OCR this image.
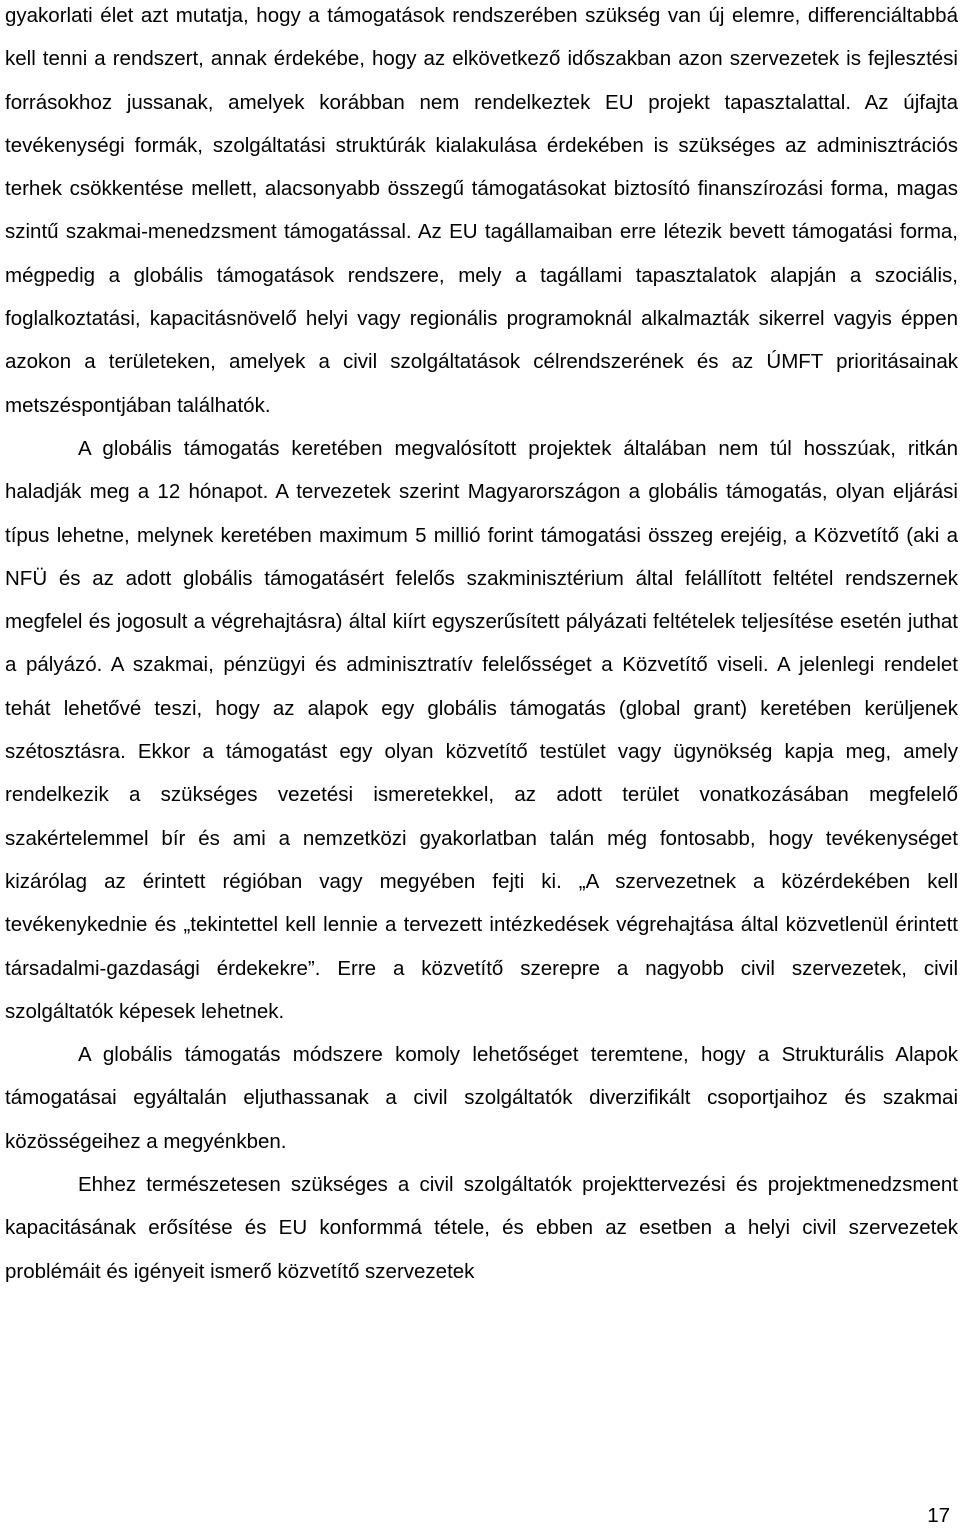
gyakorlati élet azt mutatja, hogy a támogatások rendszerében szükség van új elemre, differenciáltabbá kell tenni a rendszert, annak érdekébe, hogy az elkövetkező időszakban azon szervezetek is fejlesztési forrásokhoz jussanak, amelyek korábban nem rendelkeztek EU projekt tapasztalattal. Az újfajta tevékenységi formák, szolgáltatási struktúrák kialakulása érdekében is szükséges az adminisztrációs terhek csökkentése mellett, alacsonyabb összegű támogatásokat biztosító finanszírozási forma, magas szintű szakmai-menedzsment támogatással. Az EU tagállamaiban erre létezik bevett támogatási forma, mégpedig a globális támogatások rendszere, mely a tagállami tapasztalatok alapján a szociális, foglalkoztatási, kapacitásnövelő helyi vagy regionális programoknál alkalmazták sikerrel vagyis éppen azokon a területeken, amelyek a civil szolgáltatások célrendszerének és az ÚMFT prioritásainak metszéspontjában találhatók.

A globális támogatás keretében megvalósított projektek általában nem túl hosszúak, ritkán haladják meg a 12 hónapot. A tervezetek szerint Magyarországon a globális támogatás, olyan eljárási típus lehetne, melynek keretében maximum 5 millió forint támogatási összeg erejéig, a Közvetítő (aki a NFÜ és az adott globális támogatásért felelős szakminisztérium által felállított feltétel rendszernek megfelel és jogosult a végrehajtásra) által kiírt egyszerűsített pályázati feltételek teljesítése esetén juthat a pályázó. A szakmai, pénzügyi és adminisztratív felelősséget a Közvetítő viseli. A jelenlegi rendelet tehát lehetővé teszi, hogy az alapok egy globális támogatás (global grant) keretében kerüljenek szétosztásra. Ekkor a támogatást egy olyan közvetítő testület vagy ügynökség kapja meg, amely rendelkezik a szükséges vezetési ismeretekkel, az adott terület vonatkozásában megfelelő szakértelemmel bír és ami a nemzetközi gyakorlatban talán még fontosabb, hogy tevékenységet kizárólag az érintett régióban vagy megyében fejti ki. „A szervezetnek a közérdekében kell tevékenykednie és „tekintettel kell lennie a tervezett intézkedések végrehajtása által közvetlenül érintett társadalmi-gazdasági érdekekre”. Erre a közvetítő szerepre a nagyobb civil szervezetek, civil szolgáltatók képesek lehetnek.

A globális támogatás módszere komoly lehetőséget teremtene, hogy a Strukturális Alapok támogatásai egyáltalán eljuthassanak a civil szolgáltatók diverzifikált csoportjaihoz és szakmai közösségeihez a megyénkben.

Ehhez természetesen szükséges a civil szolgáltatók projekttervezési és projektmenedzsment kapacitásának erősítése és EU konformmá tétele, és ebben az esetben a helyi civil szervezetek problémáit és igényeit ismerő közvetítő szervezetek

17
